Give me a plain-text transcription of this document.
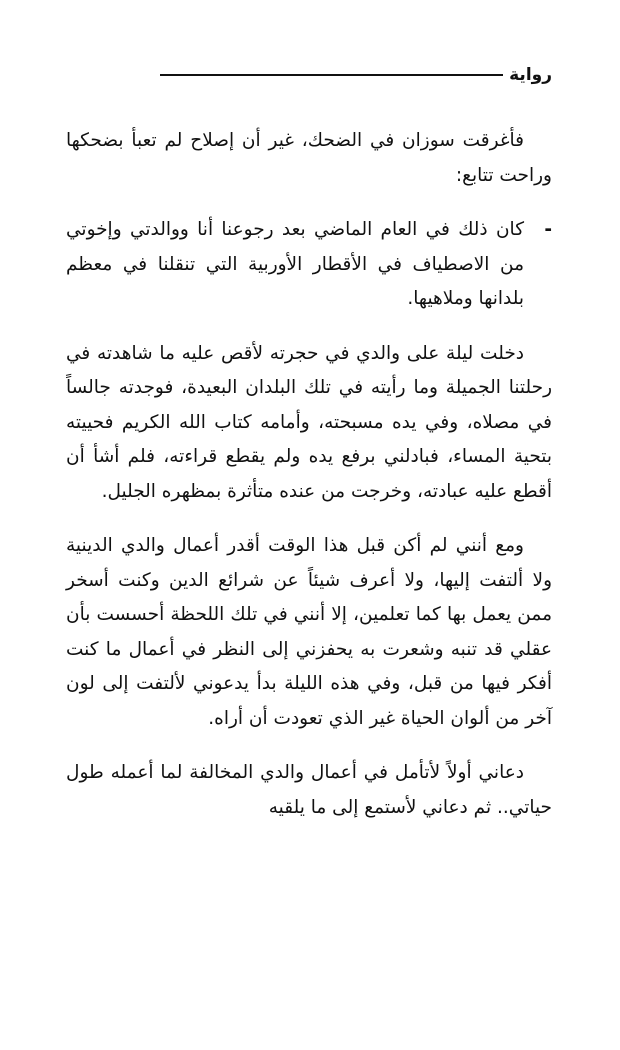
رواية

فأغرقت سوزان في الضحك، غير أن إصلاح لم تعبأ بضحكها وراحت تتابع:

-
كان ذلك في العام الماضي بعد رجوعنا أنا ووالدتي وإخوتي من الاصطياف في الأقطار الأوربية التي تنقلنا في معظم بلدانها وملاهيها.

دخلت ليلة على والدي في حجرته لأقص عليه ما شاهدته في رحلتنا الجميلة وما رأيته في تلك البلدان البعيدة، فوجدته جالساً في مصلاه، وفي يده مسبحته، وأمامه كتاب الله الكريم فحييته بتحية المساء، فبادلني برفع يده ولم يقطع قراءته، فلم أشأ أن أقطع عليه عبادته، وخرجت من عنده متأثرة بمظهره الجليل.

ومع أنني لم أكن قبل هذا الوقت أقدر أعمال والدي الدينية ولا ألتفت إليها، ولا أعرف شيئاً عن شرائع الدين وكنت أسخر ممن يعمل بها كما تعلمين، إلا أنني في تلك اللحظة أحسست بأن عقلي قد تنبه وشعرت به يحفزني إلى النظر في أعمال ما كنت أفكر فيها من قبل، وفي هذه الليلة بدأ يدعوني لألتفت إلى لون آخر من ألوان الحياة غير الذي تعودت أن أراه.

دعاني أولاً لأتأمل في أعمال والدي المخالفة لما أعمله طول حياتي.. ثم دعاني لأستمع إلى ما يلقيه
